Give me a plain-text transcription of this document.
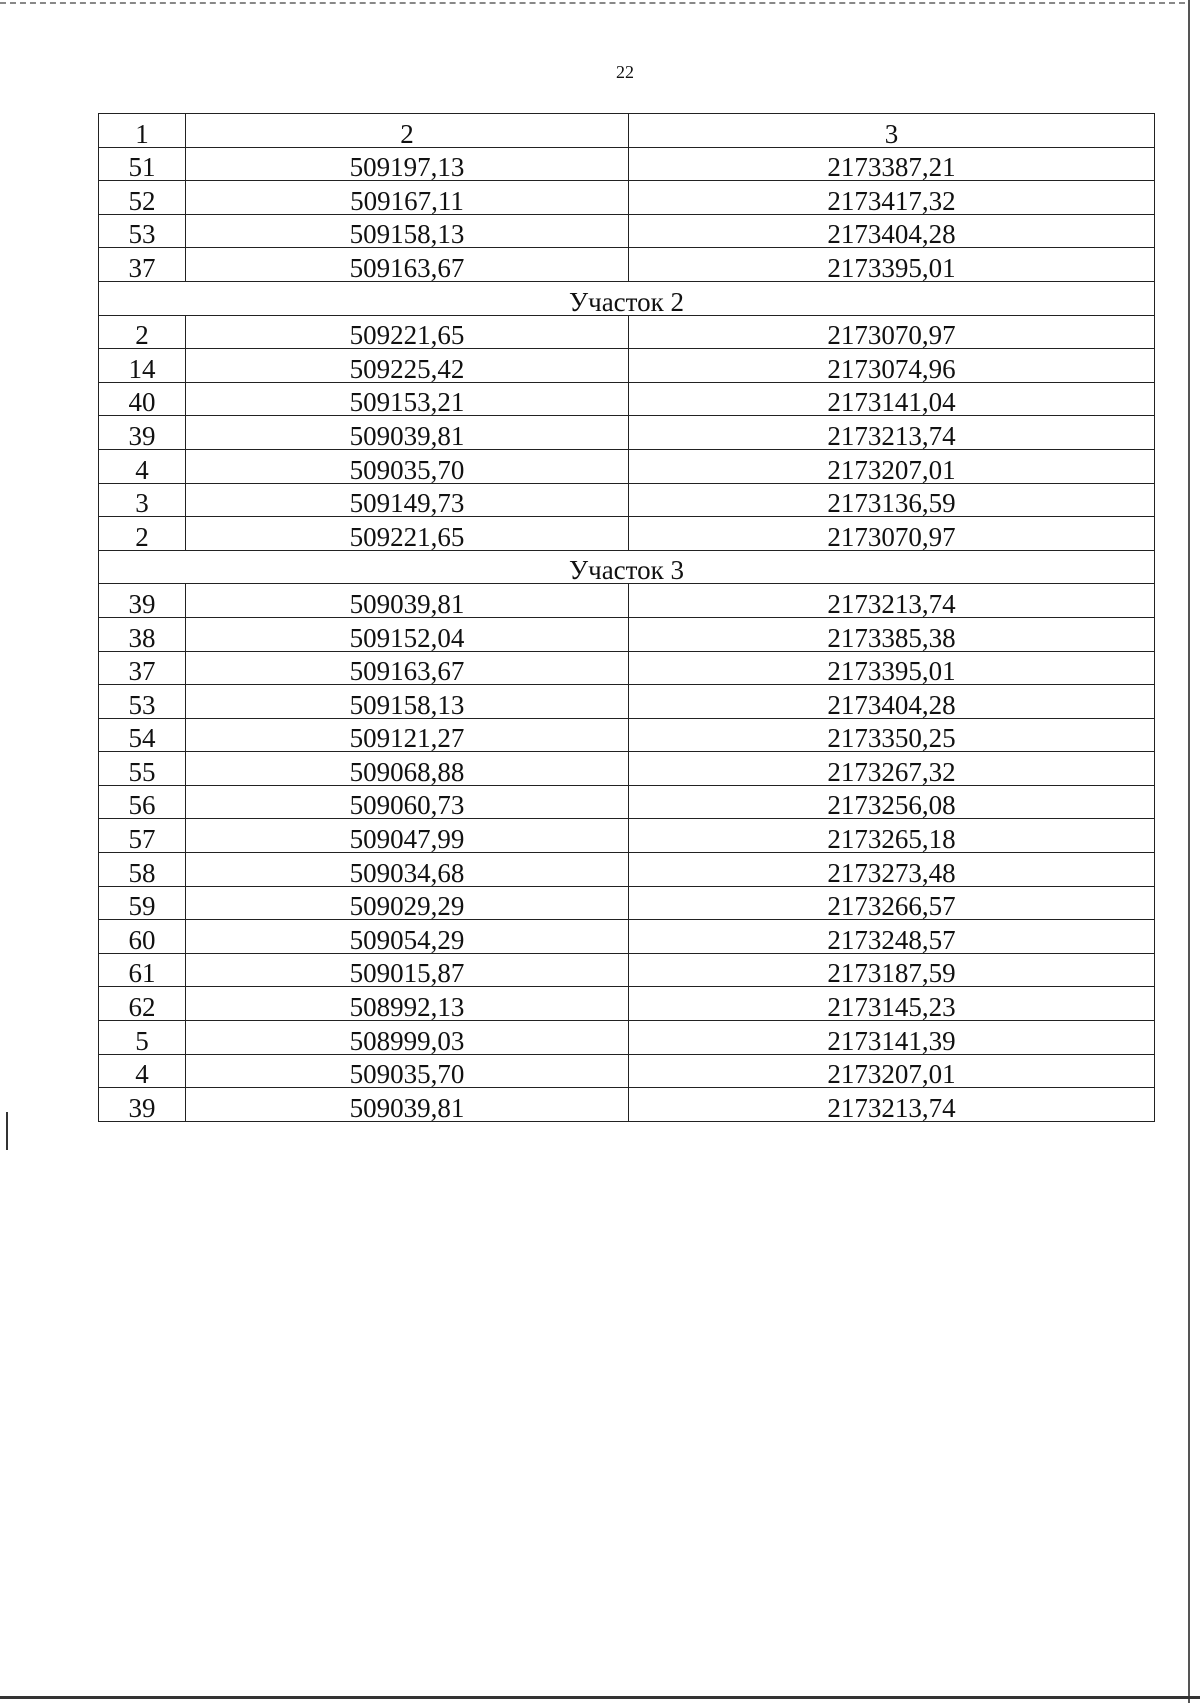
22
1	2	3
51	509197,13	2173387,21
52	509167,11	2173417,32
53	509158,13	2173404,28
37	509163,67	2173395,01
Участок 2		
2	509221,65	2173070,97
14	509225,42	2173074,96
40	509153,21	2173141,04
39	509039,81	2173213,74
4	509035,70	2173207,01
3	509149,73	2173136,59
2	509221,65	2173070,97
Участок 3		
39	509039,81	2173213,74
38	509152,04	2173385,38
37	509163,67	2173395,01
53	509158,13	2173404,28
54	509121,27	2173350,25
55	509068,88	2173267,32
56	509060,73	2173256,08
57	509047,99	2173265,18
58	509034,68	2173273,48
59	509029,29	2173266,57
60	509054,29	2173248,57
61	509015,87	2173187,59
62	508992,13	2173145,23
5	508999,03	2173141,39
4	509035,70	2173207,01
39	509039,81	2173213,74
